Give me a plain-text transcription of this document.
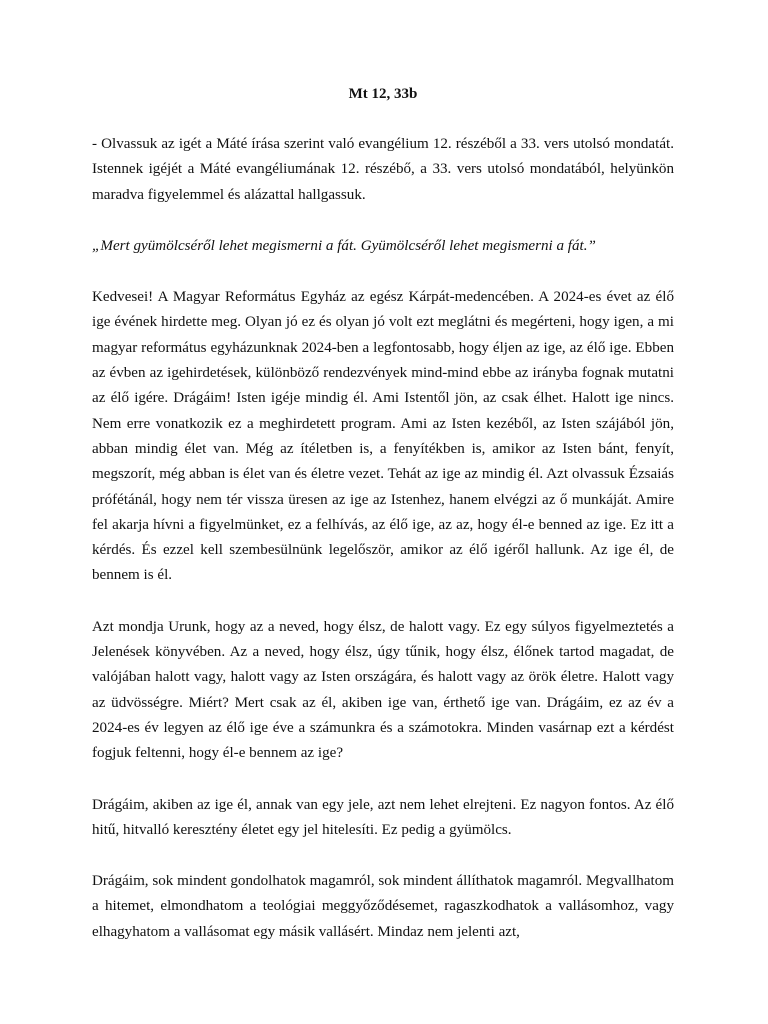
Mt 12, 33b

- Olvassuk az igét a Máté írása szerint való evangélium 12. részéből a 33. vers utolsó mondatát. Istennek igéjét a Máté evangéliumának 12. részébő, a 33. vers utolsó mondatából, helyünkön maradva figyelemmel és alázattal hallgassuk.

„Mert gyümölcséről lehet megismerni a fát. Gyümölcséről lehet megismerni a fát.”

Kedvesei! A Magyar Református Egyház az egész Kárpát-medencében. A 2024-es évet az élő ige évének hirdette meg. Olyan jó ez és olyan jó volt ezt meglátni és megérteni, hogy igen, a mi magyar református egyházunknak 2024-ben a legfontosabb, hogy éljen az ige, az élő ige. Ebben az évben az igehirdetések, különböző rendezvények mind-mind ebbe az irányba fognak mutatni az élő igére. Drágáim! Isten igéje mindig él. Ami Istentől jön, az csak élhet. Halott ige nincs. Nem erre vonatkozik ez a meghirdetett program. Ami az Isten kezéből, az Isten szájából jön, abban mindig élet van. Még az ítéletben is, a fenyítékben is, amikor az Isten bánt, fenyít, megszorít, még abban is élet van és életre vezet. Tehát az ige az mindig él. Azt olvassuk Ézsaiás prófétánál, hogy nem tér vissza üresen az ige az Istenhez, hanem elvégzi az ő munkáját. Amire fel akarja hívni a figyelmünket, ez a felhívás, az élő ige, az az, hogy él-e benned az ige. Ez itt a kérdés. És ezzel kell szembesülnünk legelőször, amikor az élő igéről hallunk. Az ige él, de bennem is él.

Azt mondja Urunk, hogy az a neved, hogy élsz, de halott vagy. Ez egy súlyos figyelmeztetés a Jelenések könyvében. Az a neved, hogy élsz, úgy tűnik, hogy élsz, élőnek tartod magadat, de valójában halott vagy, halott vagy az Isten országára, és halott vagy az örök életre. Halott vagy az üdvösségre. Miért? Mert csak az él, akiben ige van, érthető ige van. Drágáim, ez az év a 2024-es év legyen az élő ige éve a számunkra és a számotokra. Minden vasárnap ezt a kérdést fogjuk feltenni, hogy él-e bennem az ige?

Drágáim, akiben az ige él, annak van egy jele, azt nem lehet elrejteni. Ez nagyon fontos. Az élő hitű, hitvalló keresztény életet egy jel hitelesíti. Ez pedig a gyümölcs.

Drágáim, sok mindent gondolhatok magamról, sok mindent állíthatok magamról. Megvallhatom a hitemet, elmondhatom a teológiai meggyőződésemet, ragaszkodhatok a vallásomhoz, vagy elhagyhatom a vallásomat egy másik vallásért. Mindaz nem jelenti azt,
